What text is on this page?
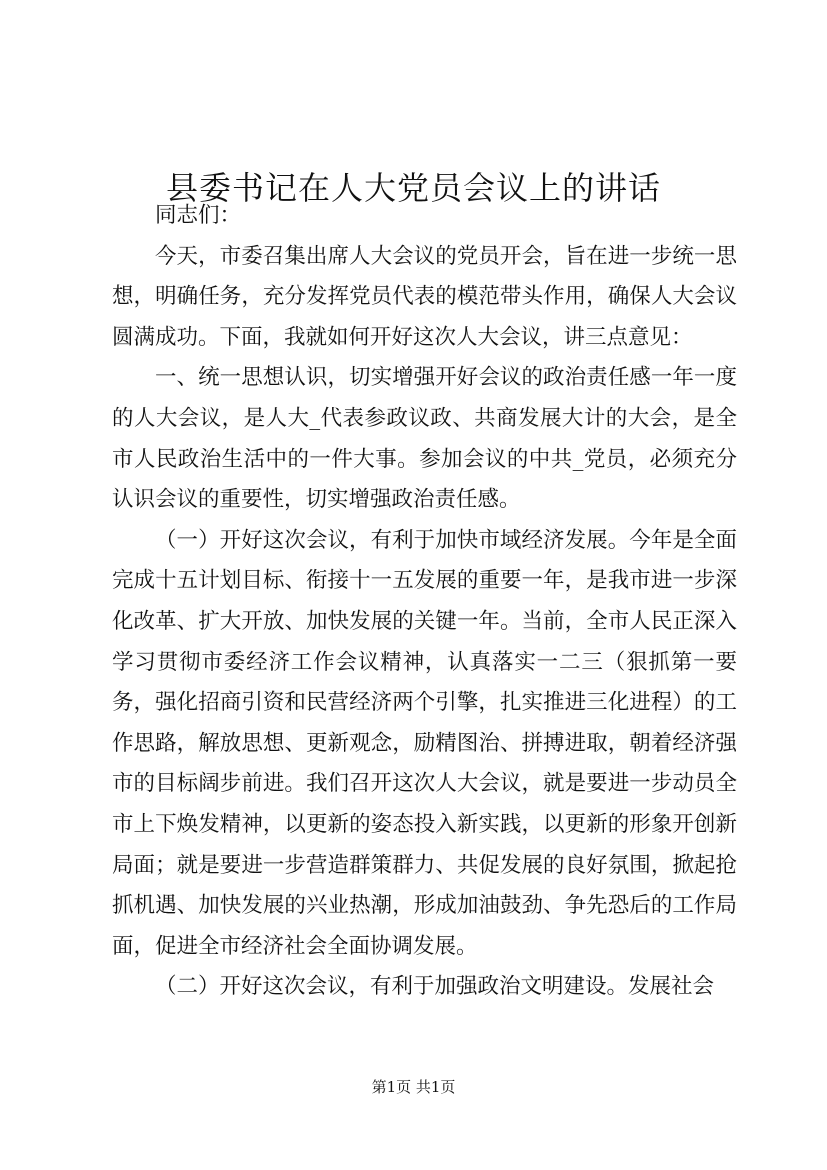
县委书记在人大党员会议上的讲话

同志们：

今天，市委召集出席人大会议的党员开会，旨在进一步统一思想，明确任务，充分发挥党员代表的模范带头作用，确保人大会议圆满成功。下面，我就如何开好这次人大会议，讲三点意见：

一、统一思想认识，切实增强开好会议的政治责任感一年一度的人大会议，是人大_代表参政议政、共商发展大计的大会，是全市人民政治生活中的一件大事。参加会议的中共_党员，必须充分认识会议的重要性，切实增强政治责任感。

（一）开好这次会议，有利于加快市域经济发展。今年是全面完成十五计划目标、衔接十一五发展的重要一年，是我市进一步深化改革、扩大开放、加快发展的关键一年。当前，全市人民正深入学习贯彻市委经济工作会议精神，认真落实一二三（狠抓第一要务，强化招商引资和民营经济两个引擎，扎实推进三化进程）的工作思路，解放思想、更新观念，励精图治、拼搏进取，朝着经济强市的目标阔步前进。我们召开这次人大会议，就是要进一步动员全市上下焕发精神，以更新的姿态投入新实践，以更新的形象开创新局面；就是要进一步营造群策群力、共促发展的良好氛围，掀起抢抓机遇、加快发展的兴业热潮，形成加油鼓劲、争先恐后的工作局面，促进全市经济社会全面协调发展。

（二）开好这次会议，有利于加强政治文明建设。发展社会

第1页 共1页
